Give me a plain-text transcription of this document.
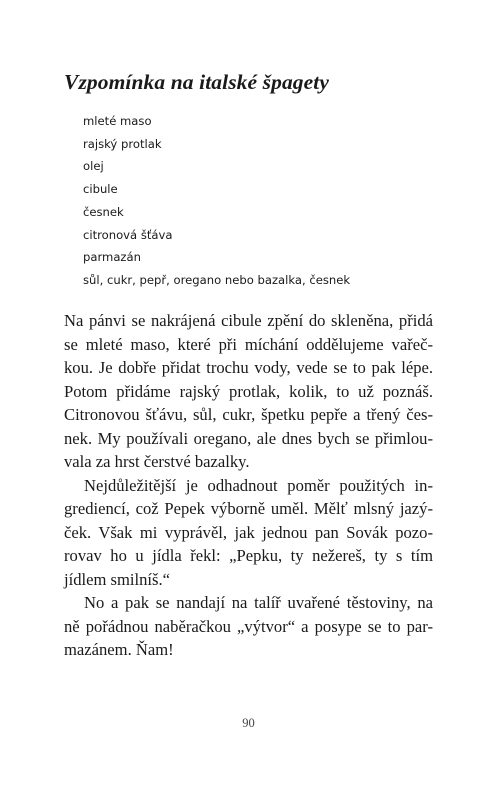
Vzpomínka na italské špagety
mleté maso
rajský protlak
olej
cibule
česnek
citronová šťáva
parmazán
sůl, cukr, pepř, oregano nebo bazalka, česnek

Na pánvi se nakrájená cibule zpění do skleněna, přidá
se mleté maso, které při míchání oddělujeme vařeč-
kou. Je dobře přidat trochu vody, vede se to pak lépe.
Potom přidáme rajský protlak, kolik, to už poznáš.
Citronovou šťávu, sůl, cukr, špetku pepře a třený čes-
nek. My používali oregano, ale dnes bych se přimlou-
vala za hrst čerstvé bazalky.

Nejdůležitější je odhadnout poměr použitých in-
grediencí, což Pepek výborně uměl. Mělť mlsný jazý-
ček. Však mi vyprávěl, jak jednou pan Sovák pozo-
rovav ho u jídla řekl: „Pepku, ty nežereš, ty s tím
jídlem smilníš.“

No a pak se nandají na talíř uvařené těstoviny, na
ně pořádnou naběračkou „výtvor“ a posype se to par-
mazánem. Ňam!

90
